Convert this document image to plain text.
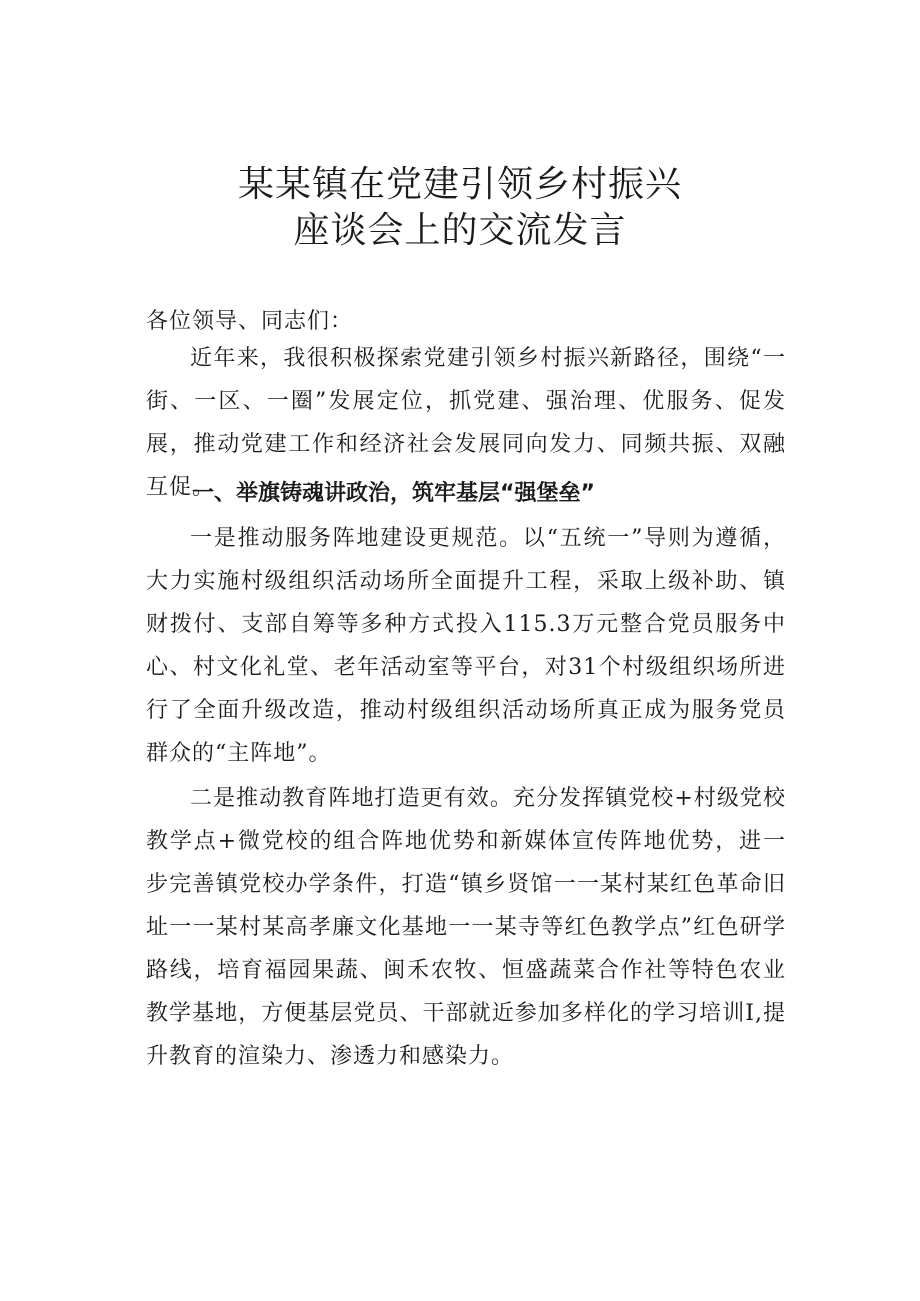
某某镇在党建引领乡村振兴
座谈会上的交流发言

各位领导、同志们：

近年来，我很积极探索党建引领乡村振兴新路径，围绕“一街、一区、一圈”发展定位，抓党建、强治理、优服务、促发展，推动党建工作和经济社会发展同向发力、同频共振、双融互促。

一、举旗铸魂讲政治，筑牢基层“强堡垒”

一是推动服务阵地建设更规范。以“五统一”导则为遵循，大力实施村级组织活动场所全面提升工程，采取上级补助、镇财拨付、支部自筹等多种方式投入115.3万元整合党员服务中心、村文化礼堂、老年活动室等平台，对31个村级组织场所进行了全面升级改造，推动村级组织活动场所真正成为服务党员群众的“主阵地”。

二是推动教育阵地打造更有效。充分发挥镇党校+村级党校教学点+微党校的组合阵地优势和新媒体宣传阵地优势，进一步完善镇党校办学条件，打造“镇乡贤馆一一某村某红色革命旧址一一某村某高孝廉文化基地一一某寺等红色教学点”红色研学路线，培育福园果蔬、闽禾农牧、恒盛蔬菜合作社等特色农业教学基地，方便基层党员、干部就近参加多样化的学习培训I,提升教育的渲染力、渗透力和感染力。
